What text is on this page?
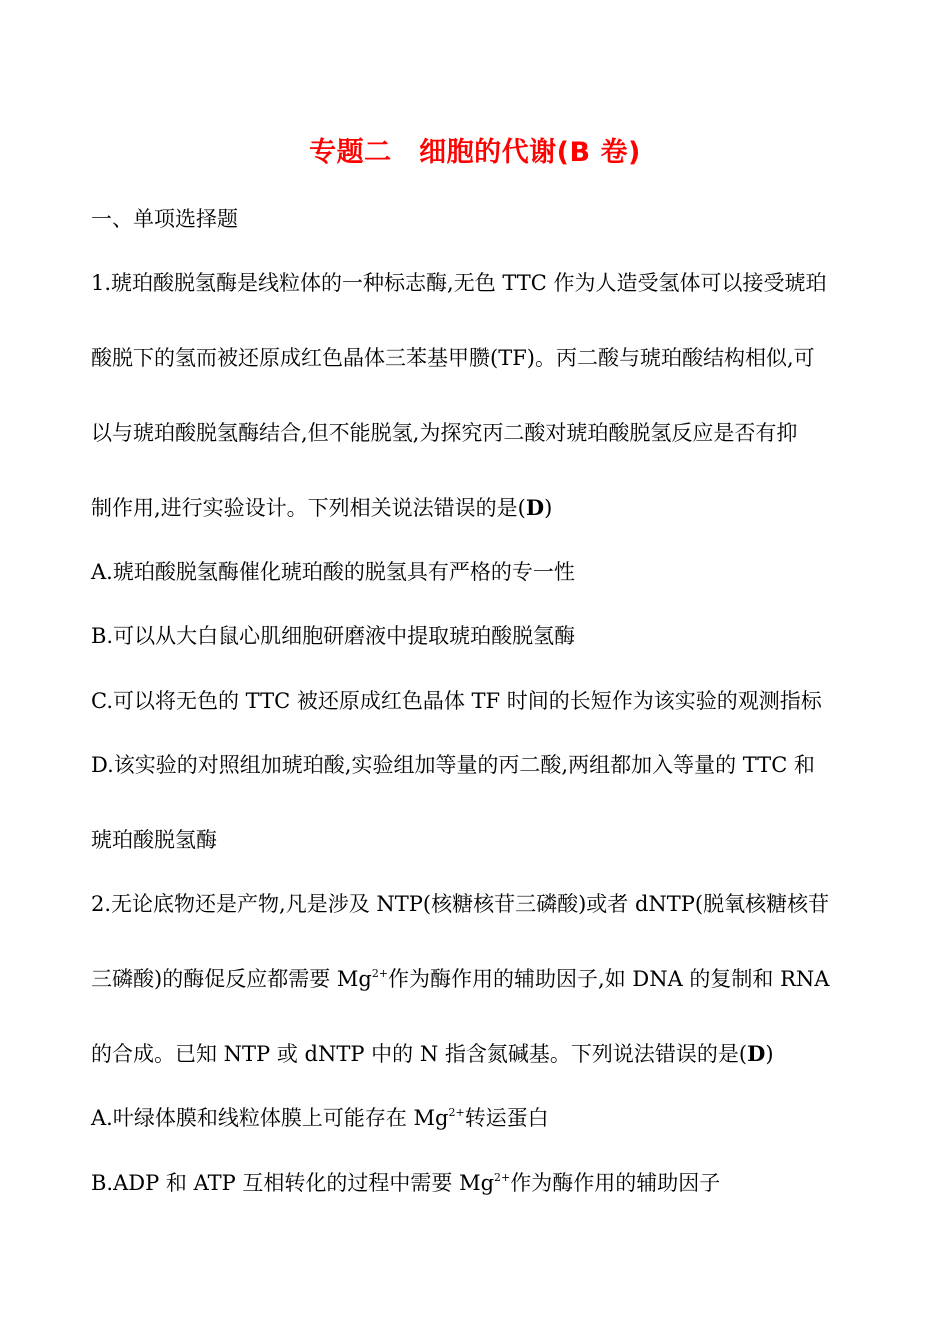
专题二　细胞的代谢(B 卷)
一、单项选择题
1.琥珀酸脱氢酶是线粒体的一种标志酶,无色 TTC 作为人造受氢体可以接受琥珀
酸脱下的氢而被还原成红色晶体三苯基甲臜(TF)。丙二酸与琥珀酸结构相似,可
以与琥珀酸脱氢酶结合,但不能脱氢,为探究丙二酸对琥珀酸脱氢反应是否有抑
制作用,进行实验设计。下列相关说法错误的是(D)
A.琥珀酸脱氢酶催化琥珀酸的脱氢具有严格的专一性
B.可以从大白鼠心肌细胞研磨液中提取琥珀酸脱氢酶
C.可以将无色的 TTC 被还原成红色晶体 TF 时间的长短作为该实验的观测指标
D.该实验的对照组加琥珀酸,实验组加等量的丙二酸,两组都加入等量的 TTC 和
琥珀酸脱氢酶
2.无论底物还是产物,凡是涉及 NTP(核糖核苷三磷酸)或者 dNTP(脱氧核糖核苷
三磷酸)的酶促反应都需要 $Mg^{2+}$作为酶作用的辅助因子,如 DNA 的复制和 RNA
的合成。已知 NTP 或 dNTP 中的 N 指含氮碱基。下列说法错误的是(D)
A.叶绿体膜和线粒体膜上可能存在 $Mg^{2+}$转运蛋白
B.ADP 和 ATP 互相转化的过程中需要 $Mg^{2+}$作为酶作用的辅助因子
